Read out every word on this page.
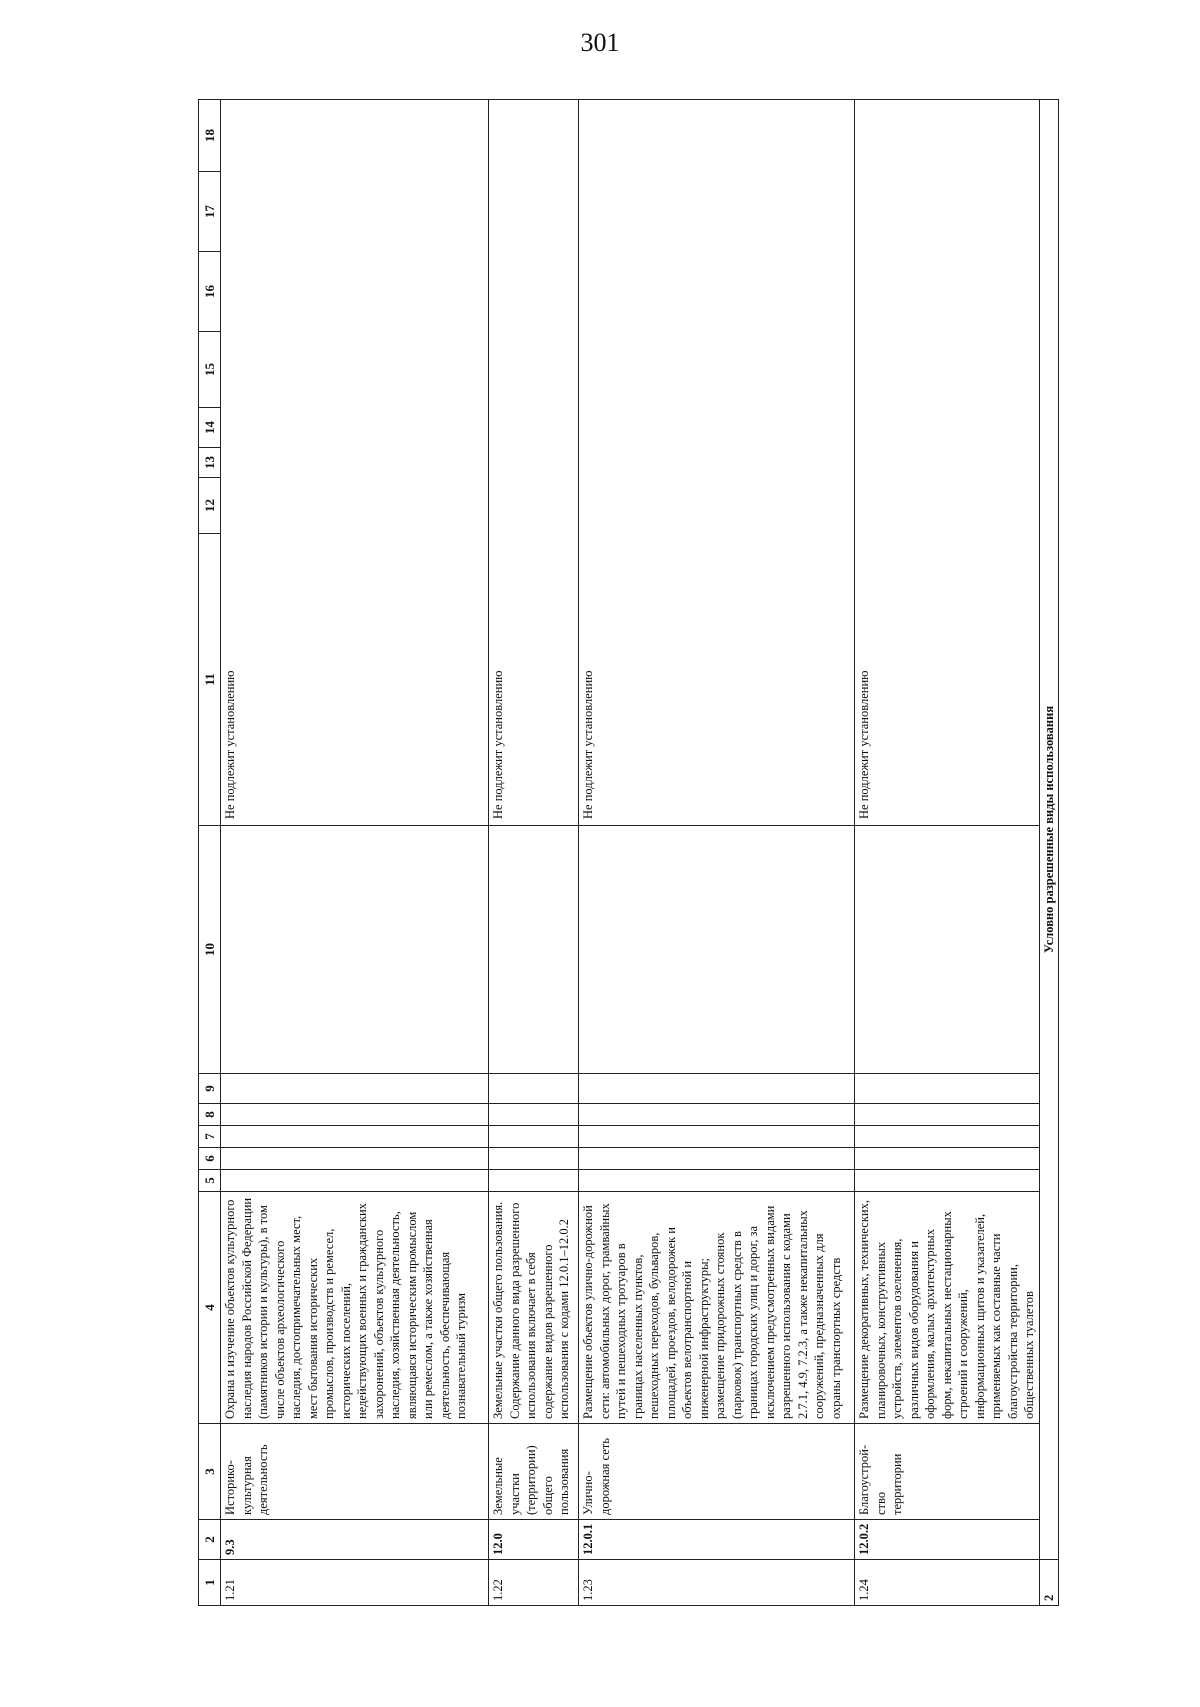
301
1	2	3	4	5	6	7	8	9	10	11	12	13	14	15	16	17	18
1.21	9.3	Историко-культурная деятельность	Охрана и изучение объектов культурного наследия народов Российской Федерации (памятников истории и культуры), в том числе объектов археологического наследия, достопримечательных мест, мест бытования исторических промыслов, производств и ремесел, исторических поселений, недействующих военных и гражданских захоронений, объектов культурного наследия, хозяйственная деятельность, являющаяся историческим промыслом или ремеслом, а также хозяйственная деятельность, обеспечивающая познавательный туризм							Не подлежит установлению							
1.22	12.0	Земельные участки (территории) общего пользования	Земельные участки общего пользования. Содержание данного вида разрешенного использования включает в себя содержание видов разрешенного использования с кодами 12.0.1–12.0.2							Не подлежит установлению							
1.23	12.0.1	Улично-дорожная сеть	Размещение объектов улично-дорожной сети: автомобильных дорог, трамвайных путей и пешеходных тротуаров в границах населенных пунктов, пешеходных переходов, бульваров, площадей, проездов, велодорожек и объектов велотранспортной и инженерной инфраструктуры; размещение придорожных стоянок (парковок) транспортных средств в границах городских улиц и дорог, за исключением предусмотренных видами разрешенного использования с кодами 2.7.1, 4.9, 7.2.3, а также некапитальных сооружений, предназначенных для охраны транспортных средств							Не подлежит установлению							
1.24	12.0.2	Благоустрой-ство территории	Размещение декоративных, технических, планировочных, конструктивных устройств, элементов озеленения, различных видов оборудования и оформления, малых архитектурных форм, некапитальных нестационарных строений и сооружений, информационных щитов и указателей, применяемых как составные части благоустройства территории, общественных туалетов							Не подлежит установлению							
2	Условно разрешенные виды использования																
